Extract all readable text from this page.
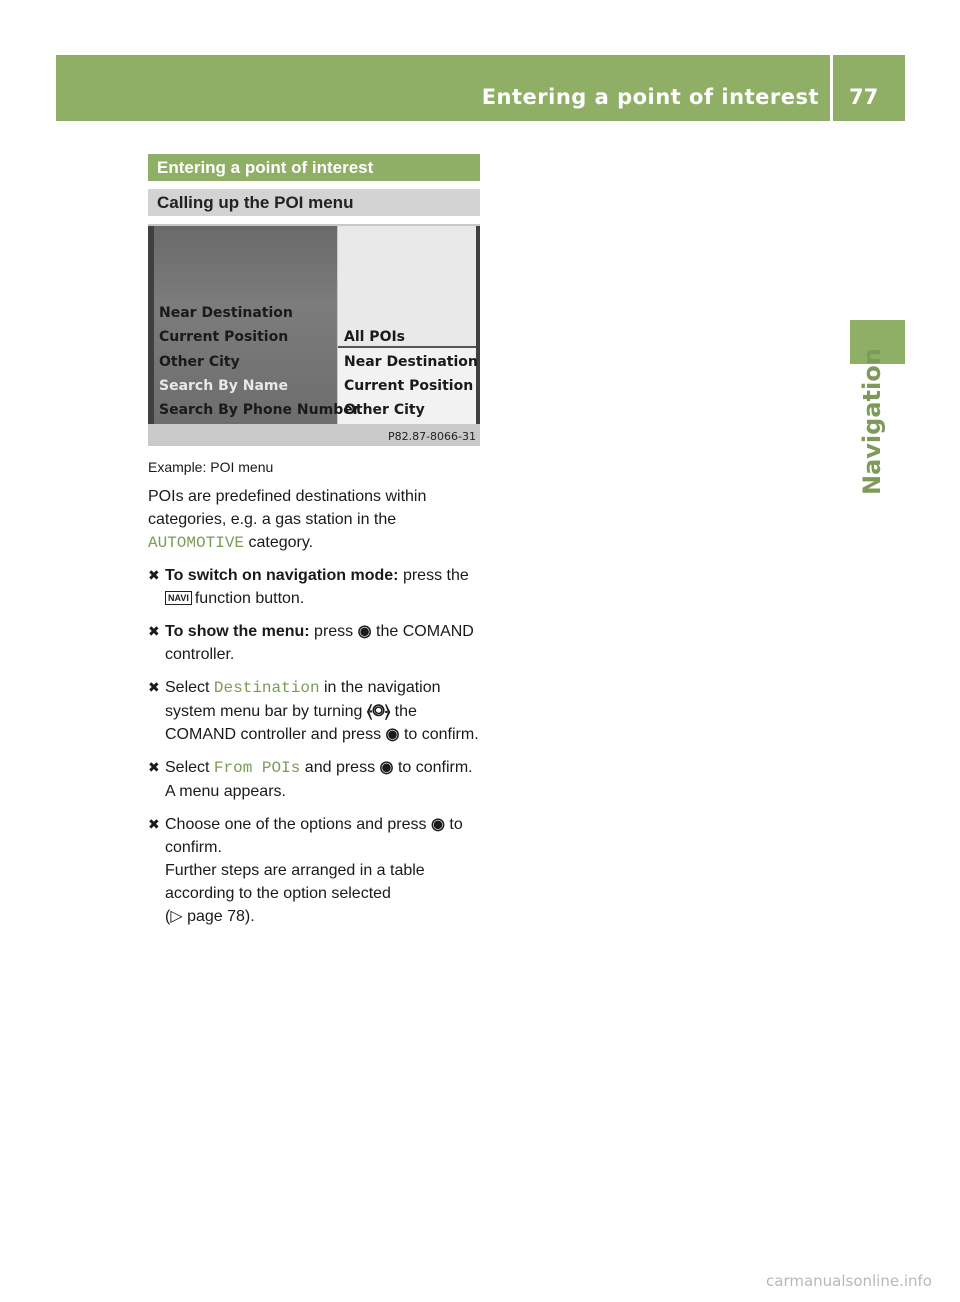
Entering a point of interest 77
Navigation
Entering a point of interest
Calling up the POI menu
Near Destination
Current Position
Other City
Search By Name
Search By Phone Number
All POIs
Near Destination
Current Position
Other City
P82.87-8066-31

Example: POI menu

POIs are predefined destinations within categories, e.g. a gas station in the AUTOMOTIVE category.

✖ To switch on navigation mode: press the
NAVI function button.
✖ To show the menu: press ◉ the COMAND controller.
✖ Select Destination in the navigation system menu bar by turning ⦑◎⦒ the COMAND controller and press ◉ to confirm.
✖ Select From POIs and press ◉ to confirm.
A menu appears.
✖ Choose one of the options and press ◉ to confirm.
Further steps are arranged in a table according to the option selected
(▷ page 78).
carmanualsonline.info
